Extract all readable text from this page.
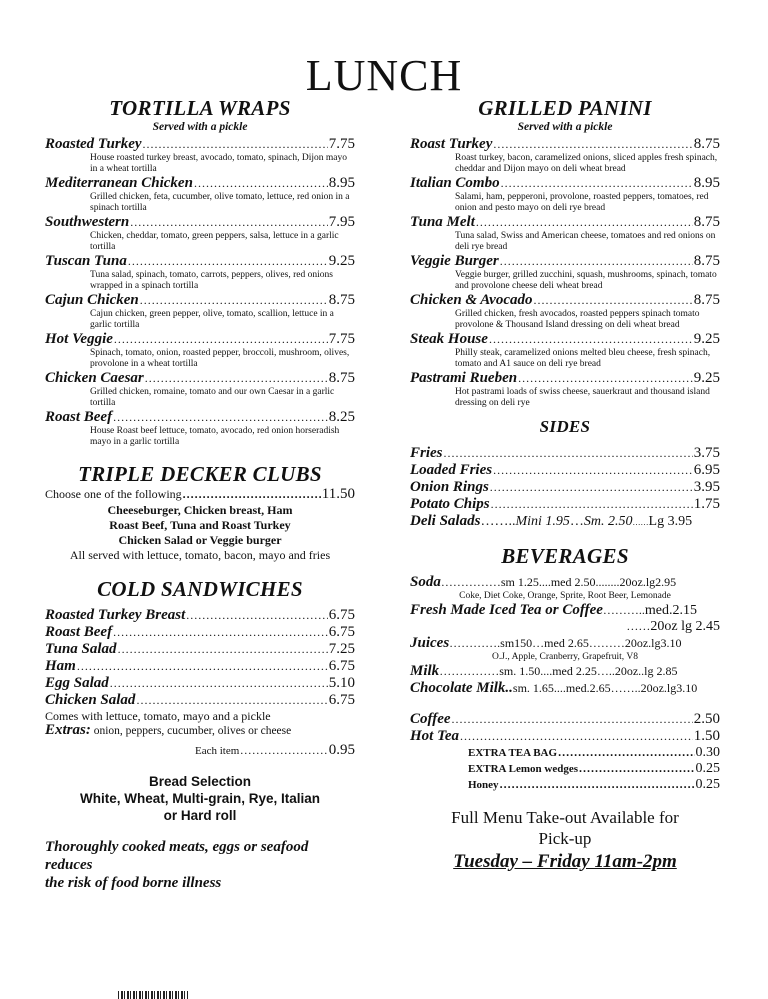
LUNCH
TORTILLA WRAPS
Served with a pickle
Roasted Turkey .....	7.75
House roasted turkey breast, avocado, tomato, spinach, Dijon mayo in a wheat tortilla
Mediterranean Chicken .....	8.95
Grilled chicken, feta, cucumber, olive tomato, lettuce, red onion in a spinach tortilla
Southwestern .....	7.95
Chicken, cheddar, tomato, green peppers, salsa, lettuce in a garlic tortilla
Tuscan Tuna .....	9.25
Tuna salad, spinach, tomato, carrots, peppers, olives, red onions wrapped in a spinach tortilla
Cajun Chicken .....	8.75
Cajun chicken, green pepper, olive, tomato, scallion, lettuce in a garlic tortilla
Hot Veggie .....	7.75
Spinach, tomato, onion, roasted pepper, broccoli, mushroom, olives, provolone in a wheat tortilla
Chicken Caesar .....	8.75
Grilled chicken, romaine, tomato and our own Caesar in a garlic tortilla
Roast Beef .....	8.25
House Roast beef lettuce, tomato, avocado, red onion horseradish mayo in a garlic tortilla
TRIPLE DECKER CLUBS
Choose one of the following .....	11.50
Cheeseburger, Chicken breast, Ham
Roast Beef, Tuna and Roast Turkey
Chicken Salad or Veggie burger
All served with lettuce, tomato, bacon, mayo and fries
COLD SANDWICHES
Roasted Turkey Breast .....	6.75
Roast Beef .....	6.75
Tuna Salad .....	7.25
Ham .....	6.75
Egg Salad .....	5.10
Chicken Salad .....	6.75
Comes with lettuce, tomato, mayo and a pickle
Extras: onion, peppers, cucumber, olives or cheese
Each item .....	0.95
Bread Selection
White, Wheat, Multi-grain, Rye, Italian
or Hard roll
Thoroughly cooked meats, eggs or seafood reduces
the risk of food borne illness
GRILLED PANINI
Served with a pickle
Roast Turkey .....	8.75
Roast turkey, bacon, caramelized onions, sliced apples fresh spinach, cheddar and Dijon mayo on deli wheat bread
Italian Combo .....	8.95
Salami, ham, pepperoni, provolone, roasted peppers, tomatoes, red onion and pesto mayo on deli rye bread
Tuna Melt .....	8.75
Tuna salad, Swiss and American cheese, tomatoes and red onions on deli rye bread
Veggie Burger .....	8.75
Veggie burger, grilled zucchini, squash, mushrooms, spinach, tomato and provolone cheese deli wheat bread
Chicken & Avocado .....	8.75
Grilled chicken, fresh avocados, roasted peppers spinach tomato provolone & Thousand Island dressing on deli wheat bread
Steak House .....	9.25
Philly steak, caramelized onions melted bleu cheese, fresh spinach, tomato and A1 sauce on deli rye bread
Pastrami Rueben .....	9.25
Hot pastrami loads of swiss cheese, sauerkraut and thousand island dressing on deli rye
SIDES
Fries .....	3.75
Loaded Fries .....	6.95
Onion Rings .....	3.95
Potato Chips .....	1.75
Deli Salads …….. Mini 1.95 … Sm. 2.50 …… Lg 3.95
BEVERAGES
Soda …………… sm 1.25....med 2.50........20oz.lg2.95
Coke, Diet Coke, Orange, Sprite, Root Beer, Lemonade
Fresh Made Iced Tea or Coffee ……….. med.2.15
…… 20oz lg 2.45
Juices …………. sm150…med 2.65………20oz.lg3.10
O.J., Apple, Cranberry, Grapefruit, V8
Milk …………… sm. 1.50....med 2.25…..20oz..lg 2.85
Chocolate Milk.. sm. 1.65....med.2.65……..20oz.lg3.10
Coffee .....	2.50
Hot Tea .....	1.50
EXTRA TEA BAG .....	0.30
EXTRA Lemon wedges .....	0.25
Honey .....	0.25
Full Menu Take-out Available for
Pick-up
Tuesday – Friday 11am-2pm
